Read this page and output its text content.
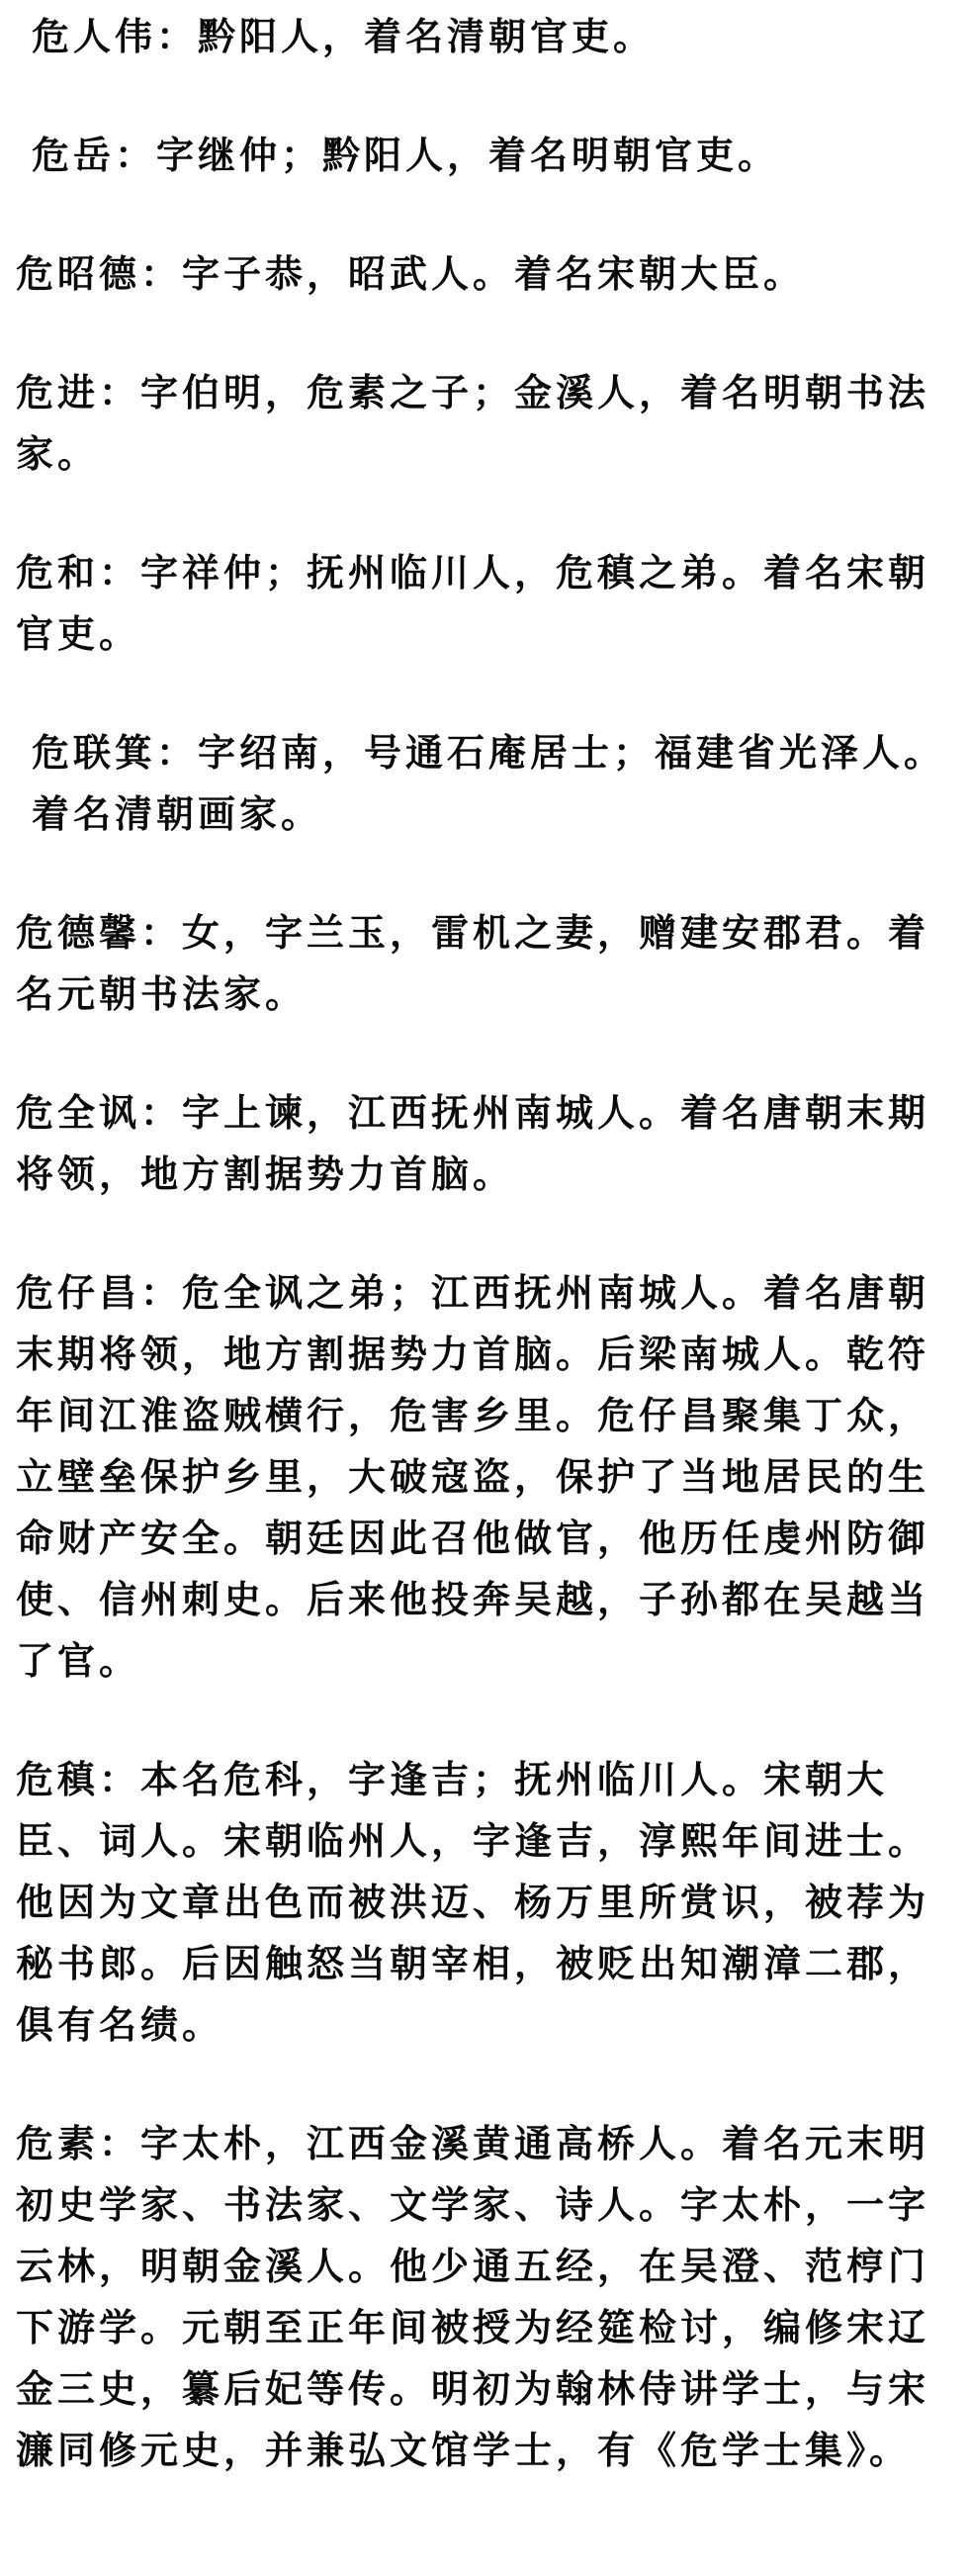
危人伟：黔阳人，着名清朝官吏。

危岳：字继仲；黔阳人，着名明朝官吏。

危昭德：字子恭，昭武人。着名宋朝大臣。

危进：字伯明，危素之子；金溪人，着名明朝书法家。

危和：字祥仲；抚州临川人，危稹之弟。着名宋朝官吏。

危联箕：字绍南，号通石庵居士；福建省光泽人。着名清朝画家。

危德馨：女，字兰玉，雷机之妻，赠建安郡君。着名元朝书法家。

危全讽：字上谏，江西抚州南城人。着名唐朝末期将领，地方割据势力首脑。

危仔昌：危全讽之弟；江西抚州南城人。着名唐朝末期将领，地方割据势力首脑。后梁南城人。乾符年间江淮盗贼横行，危害乡里。危仔昌聚集丁众，立壁垒保护乡里，大破寇盗，保护了当地居民的生命财产安全。朝廷因此召他做官，他历任虔州防御使、信州刺史。后来他投奔吴越，子孙都在吴越当了官。

危稹：本名危科，字逢吉；抚州临川人。宋朝大臣、词人。宋朝临州人，字逢吉，淳熙年间进士。他因为文章出色而被洪迈、杨万里所赏识，被荐为秘书郎。后因触怒当朝宰相，被贬出知潮漳二郡，俱有名绩。

危素：字太朴，江西金溪黄通高桥人。着名元末明初史学家、书法家、文学家、诗人。字太朴，一字云林，明朝金溪人。他少通五经，在吴澄、范梈门下游学。元朝至正年间被授为经筵检讨，编修宋辽金三史，纂后妃等传。明初为翰林侍讲学士，与宋濂同修元史，并兼弘文馆学士，有《危学士集》。
